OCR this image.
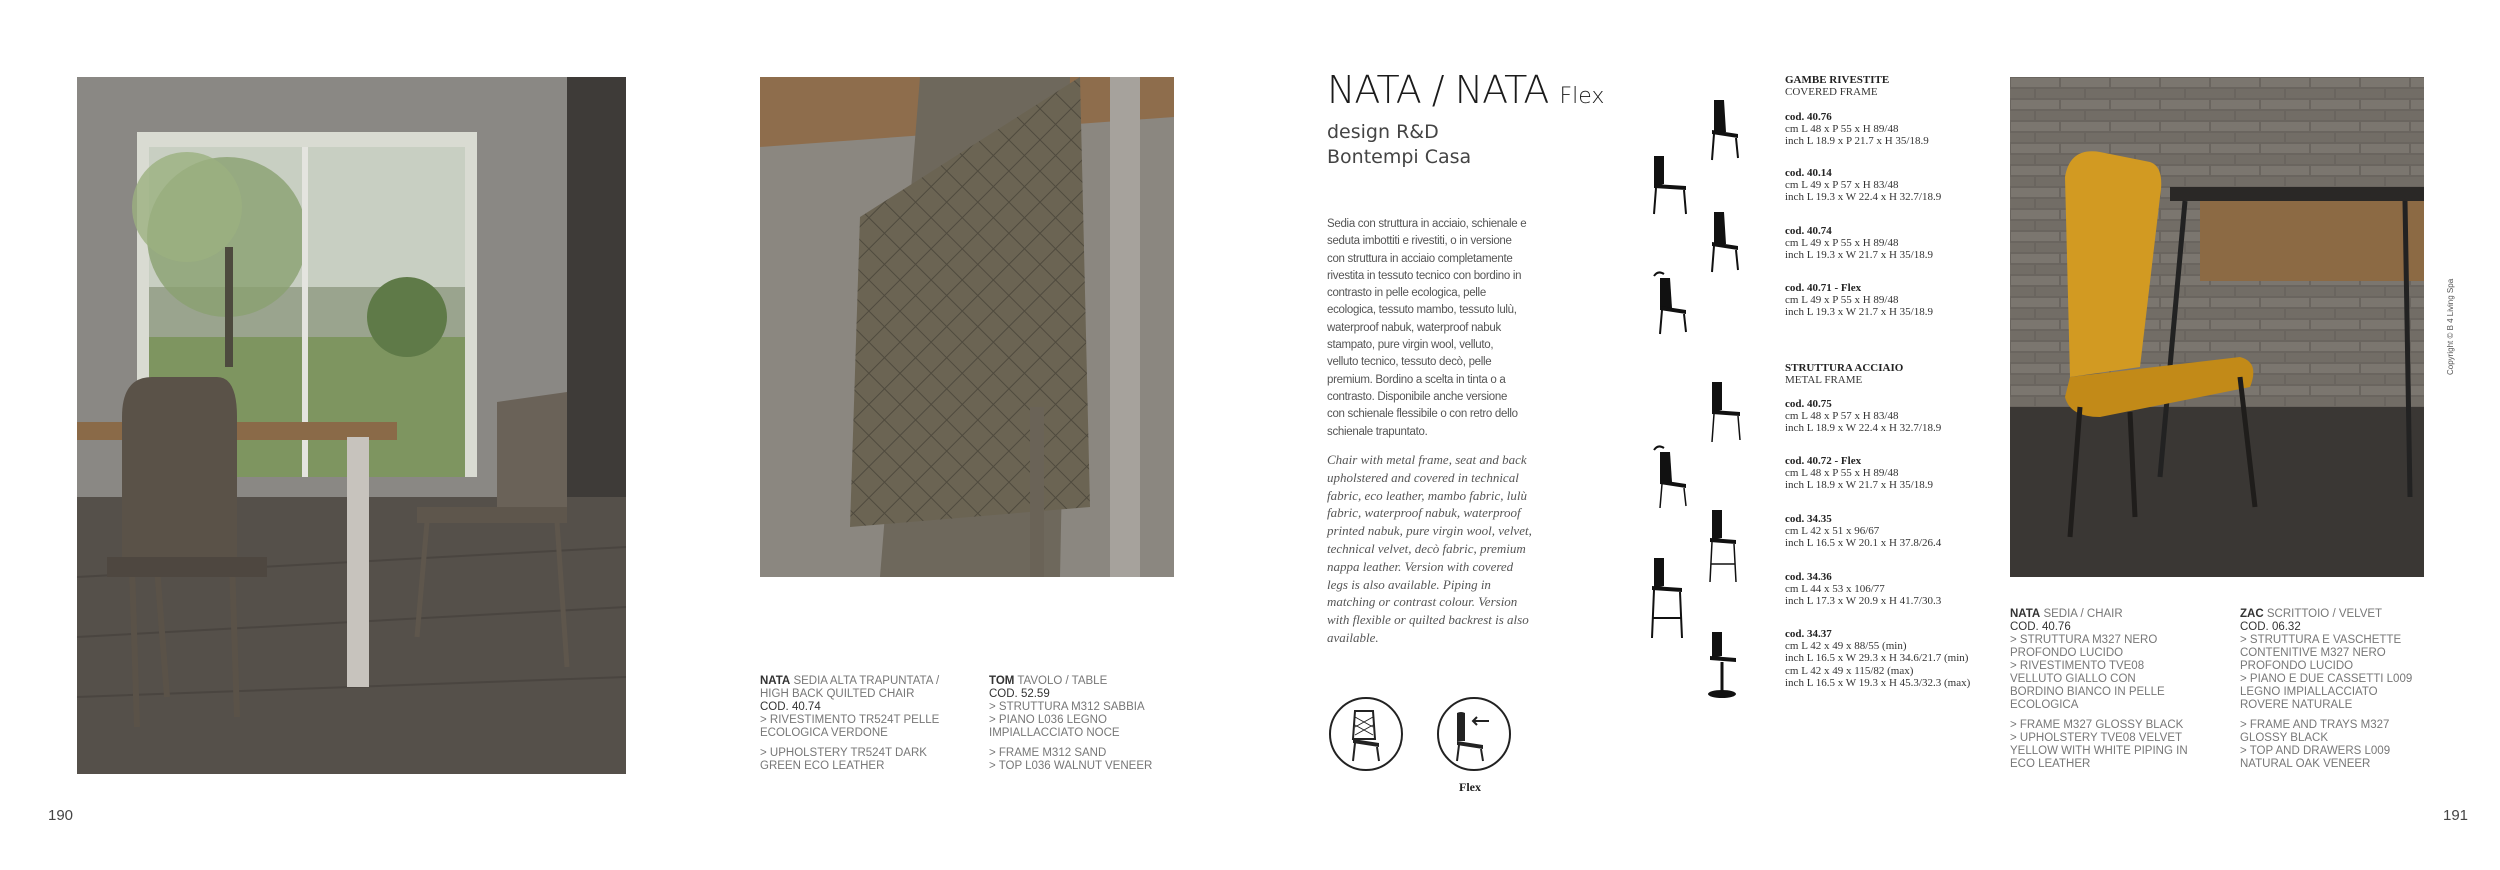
190	191

NATA SEDIA ALTA TRAPUNTATA / HIGH BACK QUILTED CHAIR

COD. 40.74

> RIVESTIMENTO TR524T PELLE ECOLOGICA VERDONE

> UPHOLSTERY TR524T DARK GREEN ECO LEATHER

TOM TAVOLO / TABLE

COD. 52.59

> STRUTTURA M312 SABBIA

> PIANO L036 LEGNO IMPIALLACCIATO NOCE

> FRAME M312 SAND

> TOP L036 WALNUT VENEER

NATA SEDIA / CHAIR

COD. 40.76

> STRUTTURA M327 NERO PROFONDO LUCIDO

> RIVESTIMENTO TVE08 VELLUTO GIALLO CON BORDINO BIANCO IN PELLE ECOLOGICA

> FRAME M327 GLOSSY BLACK

> UPHOLSTERY TVE08 VELVET YELLOW WITH WHITE PIPING IN ECO LEATHER

ZAC SCRITTOIO / VELVET

COD. 06.32

> STRUTTURA E VASCHETTE CONTENITIVE M327 NERO PROFONDO LUCIDO

> PIANO E DUE CASSETTI L009 LEGNO IMPIALLACCIATO ROVERE NATURALE

> FRAME AND TRAYS M327 GLOSSY BLACK

> TOP AND DRAWERS L009 NATURAL OAK VENEER

NATA / NATA Flex
design R&D
Bontempi Casa
Sedia con struttura in acciaio, schienale e seduta imbottiti e rivestiti, o in versione con struttura in acciaio completamente rivestita in tessuto tecnico con bordino in contrasto in pelle ecologica, pelle ecologica, tessuto mambo, tessuto lulù, waterproof nabuk, waterproof nabuk stampato, pure virgin wool, velluto, velluto tecnico, tessuto decò, pelle premium. Bordino a scelta in tinta o a contrasto. Disponibile anche versione con schienale flessibile o con retro dello schienale trapuntato.
Chair with metal frame, seat and back upholstered and covered in technical fabric, eco leather, mambo fabric, lulù fabric, waterproof nabuk, waterproof printed nabuk, pure virgin wool, velvet, technical velvet, decò fabric, premium nappa leather. Version with covered legs is also available. Piping in matching or contrast colour. Version with flexible or quilted backrest is also available.
Flex
GAMBE RIVESTITE
COVERED FRAME
cod. 40.76
cm L 48 x P 55 x H 89/48
inch L 18.9 x P 21.7 x H 35/18.9
cod. 40.14
cm L 49 x P 57 x H 83/48
inch L 19.3 x W 22.4 x H 32.7/18.9
cod. 40.74
cm L 49 x P 55 x H 89/48
inch L 19.3 x W 21.7 x H 35/18.9
cod. 40.71 - Flex
cm L 49 x P 55 x H 89/48
inch L 19.3 x W 21.7 x H 35/18.9
STRUTTURA ACCIAIO
METAL FRAME
cod. 40.75
cm L 48 x P 57 x H 83/48
inch L 18.9 x W 22.4 x H 32.7/18.9
cod. 40.72 - Flex
cm L 48 x P 55 x H 89/48
inch L 18.9 x W 21.7 x H 35/18.9
cod. 34.35
cm L 42 x 51 x 96/67
inch L 16.5 x W 20.1 x H 37.8/26.4
cod. 34.36
cm L 44 x 53 x 106/77
inch L 17.3 x W 20.9 x H 41.7/30.3
cod. 34.37
cm L 42 x 49 x 88/55 (min)
inch L 16.5 x W 29.3 x H 34.6/21.7 (min)
cm L 42 x 49 x 115/82 (max)
inch L 16.5 x W 19.3 x H 45.3/32.3 (max)
Copyright © B 4 Living Spa
